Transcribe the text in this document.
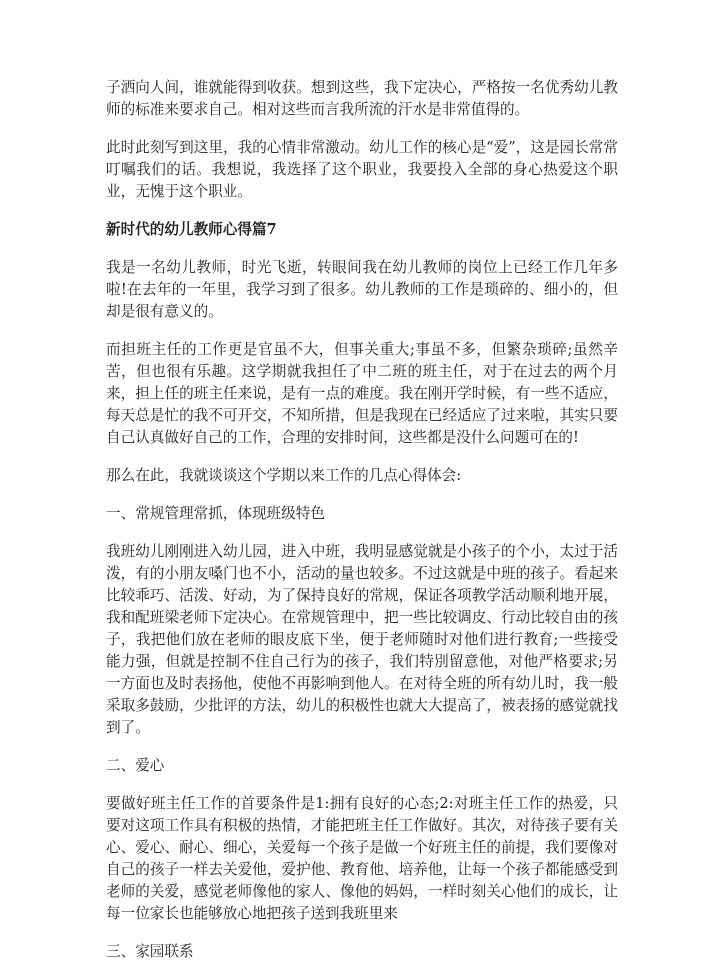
子洒向人间，谁就能得到收获。想到这些，我下定决心，严格按一名优秀幼儿教师的标准来要求自己。相对这些而言我所流的汗水是非常值得的。

此时此刻写到这里，我的心情非常激动。幼儿工作的核心是“爱”，这是园长常常叮嘱我们的话。我想说，我选择了这个职业，我要投入全部的身心热爱这个职业，无愧于这个职业。

新时代的幼儿教师心得篇7

我是一名幼儿教师，时光飞逝，转眼间我在幼儿教师的岗位上已经工作几年多啦!在去年的一年里，我学习到了很多。幼儿教师的工作是琐碎的、细小的，但却是很有意义的。

而担班主任的工作更是官虽不大，但事关重大;事虽不多，但繁杂琐碎;虽然辛苦，但也很有乐趣。这学期就我担任了中二班的班主任，对于在过去的两个月来，担上任的班主任来说，是有一点的难度。我在刚开学时候，有一些不适应，每天总是忙的我不可开交，不知所措，但是我现在已经适应了过来啦，其实只要自己认真做好自己的工作，合理的安排时间，这些都是没什么问题可在的!

那么在此，我就谈谈这个学期以来工作的几点心得体会:

一、常规管理常抓，体现班级特色

我班幼儿刚刚进入幼儿园，进入中班，我明显感觉就是小孩子的个小，太过于活泼，有的小朋友嗓门也不小，活动的量也较多。不过这就是中班的孩子。看起来比较乖巧、活泼、好动，为了保持良好的常规，保证各项教学活动顺利地开展，我和配班梁老师下定决心。在常规管理中，把一些比较调皮、行动比较自由的孩子，我把他们放在老师的眼皮底下坐，便于老师随时对他们进行教育;一些接受能力强，但就是控制不住自己行为的孩子，我们特別留意他，对他严格要求;另一方面也及时表扬他，使他不再影响到他人。在对待全班的所有幼儿时，我一般采取多鼓励，少批评的方法，幼儿的积极性也就大大提高了，被表扬的感觉就找到了。

二、爱心

要做好班主任工作的首要条件是1:拥有良好的心态;2:对班主任工作的热爱，只要对这项工作具有积极的热情，才能把班主任工作做好。其次，对待孩子要有关心、爱心、耐心、细心，关爱每一个孩子是做一个好班主任的前提，我们要像对自己的孩子一样去关爱他，爱护他、教育他、培养他，让每一个孩子都能感受到老师的关爱，感觉老师像他的家人、像他的妈妈，一样时刻关心他们的成长，让每一位家长也能够放心地把孩子送到我班里来

三、家园联系
